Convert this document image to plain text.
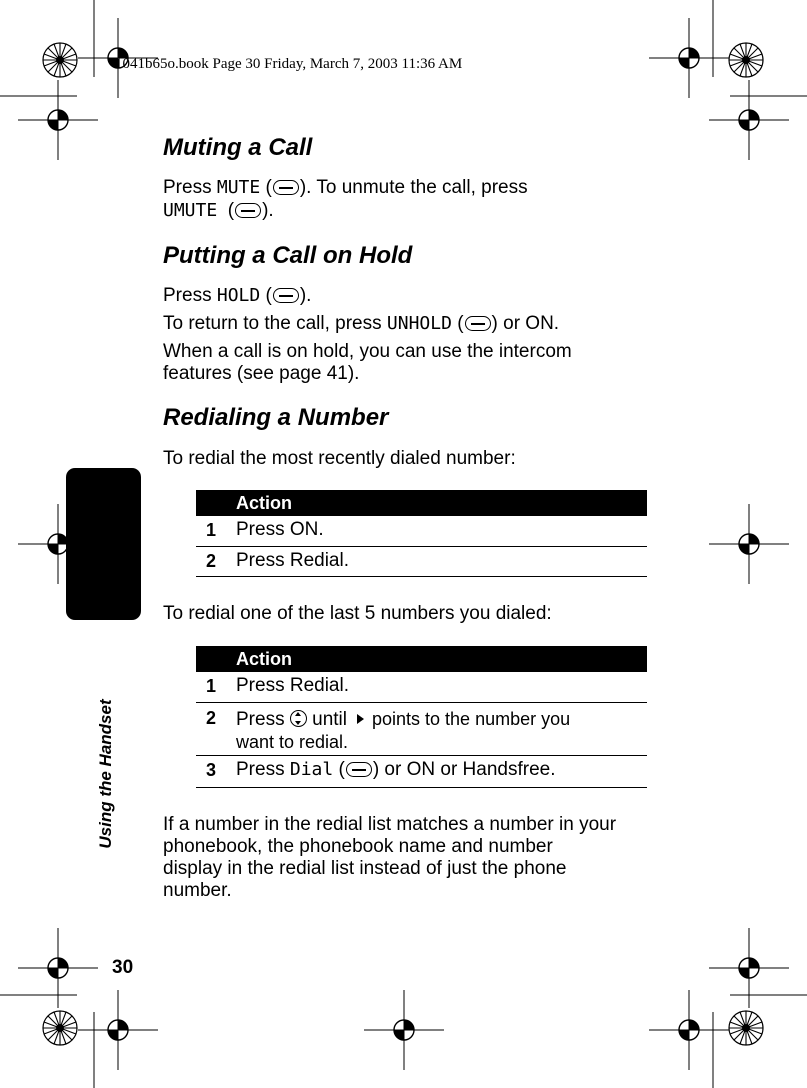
1041b65o.book Page 30 Friday, March 7, 2003 11:36 AM
Using the Handset
Muting a Call

Press MUTE ( ). To unmute the call, press

UMUTE  ( ).

Putting a Call on Hold

Press HOLD ( ).

To return to the call, press UNHOLD ( ) or ON.

When a call is on hold, you can use the intercom

features (see page 41).

Redialing a Number

To redial the most recently dialed number:

Action
1 Press ON.
2 Press Redial.

To redial one of the last 5 numbers you dialed:

Action
1 Press Redial.
2 Press until points to the number you
want to redial.
3 Press Dial ( ) or ON or Handsfree.

If a number in the redial list matches a number in your

phonebook, the phonebook name and number

display in the redial list instead of just the phone

number.

30
